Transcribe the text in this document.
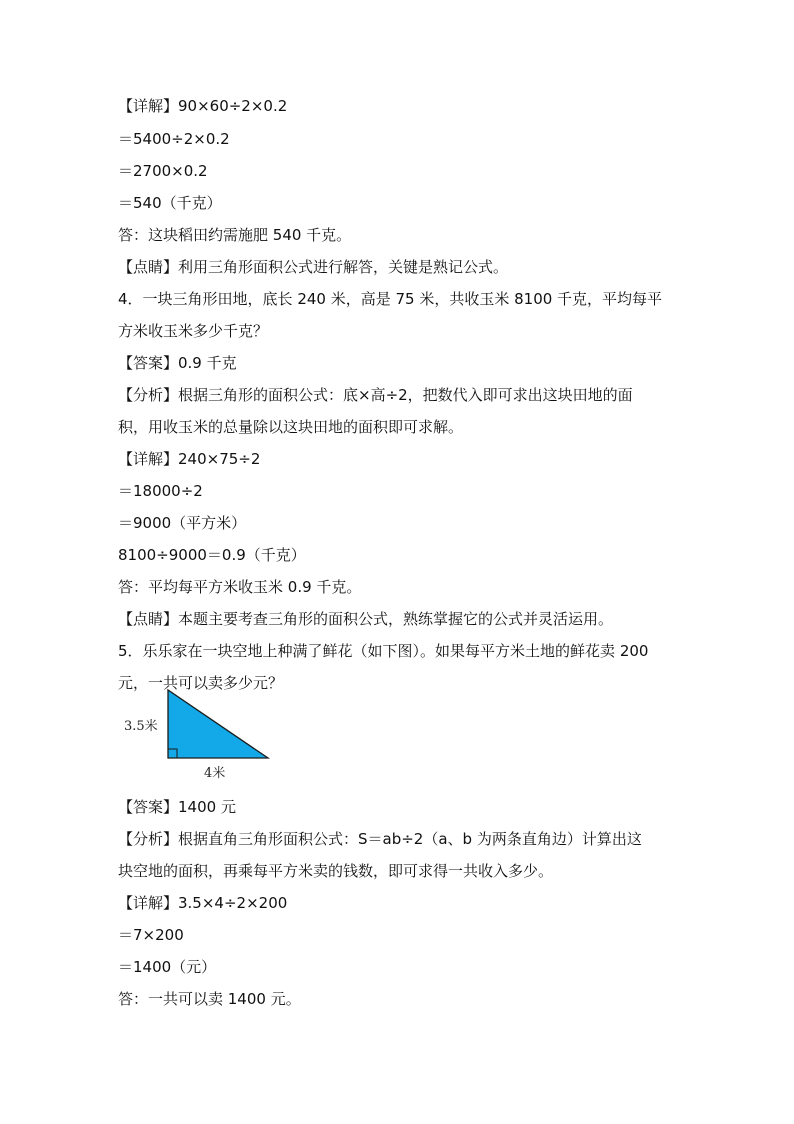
【详解】90×60÷2×0.2
＝5400÷2×0.2
＝2700×0.2
＝540（千克）
答：这块稻田约需施肥 540 千克。
【点睛】利用三角形面积公式进行解答，关键是熟记公式。
4．一块三角形田地，底长 240 米，高是 75 米，共收玉米 8100 千克，平均每平
方米收玉米多少千克？
【答案】0.9 千克
【分析】根据三角形的面积公式：底×高÷2，把数代入即可求出这块田地的面
积，用收玉米的总量除以这块田地的面积即可求解。
【详解】240×75÷2
＝18000÷2
＝9000（平方米）
8100÷9000＝0.9（千克）
答：平均每平方米收玉米 0.9 千克。
【点睛】本题主要考查三角形的面积公式，熟练掌握它的公式并灵活运用。
5．乐乐家在一块空地上种满了鲜花（如下图）。如果每平方米土地的鲜花卖 200
元，一共可以卖多少元？
3.5米
4米
【答案】1400 元
【分析】根据直角三角形面积公式：S＝ab÷2（a、b 为两条直角边）计算出这
块空地的面积，再乘每平方米卖的钱数，即可求得一共收入多少。
【详解】3.5×4÷2×200
＝7×200
＝1400（元）
答：一共可以卖 1400 元。
